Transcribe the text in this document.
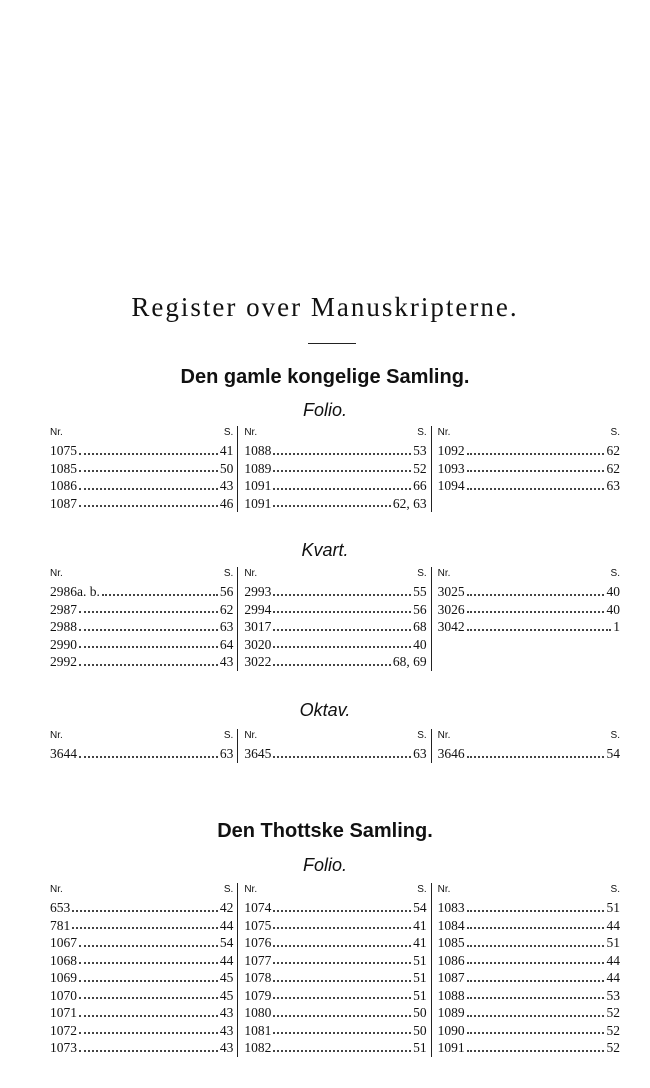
Register over Manuskripterne.
Den gamle kongelige Samling.
Folio.
Nr.	S.
1075	41
1085	50
1086	43
1087	46
Nr.	S.
1088	53
1089	52
1091	66
1091	62, 63
Nr.	S.
1092	62
1093	62
1094	63
Kvart.
Nr.	S.
2986a. b.	56
2987	62
2988	63
2990	64
2992	43
Nr.	S.
2993	55
2994	56
3017	68
3020	40
3022	68, 69
Nr.	S.
3025	40
3026	40
3042	1
Oktav.
Nr.	S.
3644	63
Nr.	S.
3645	63
Nr.	S.
3646	54
Den Thottske Samling.
Folio.
Nr.	S.
653	42
781	44
1067	54
1068	44
1069	45
1070	45
1071	43
1072	43
1073	43
Nr.	S.
1074	54
1075	41
1076	41
1077	51
1078	51
1079	51
1080	50
1081	50
1082	51
Nr.	S.
1083	51
1084	44
1085	51
1086	44
1087	44
1088	53
1089	52
1090	52
1091	52
